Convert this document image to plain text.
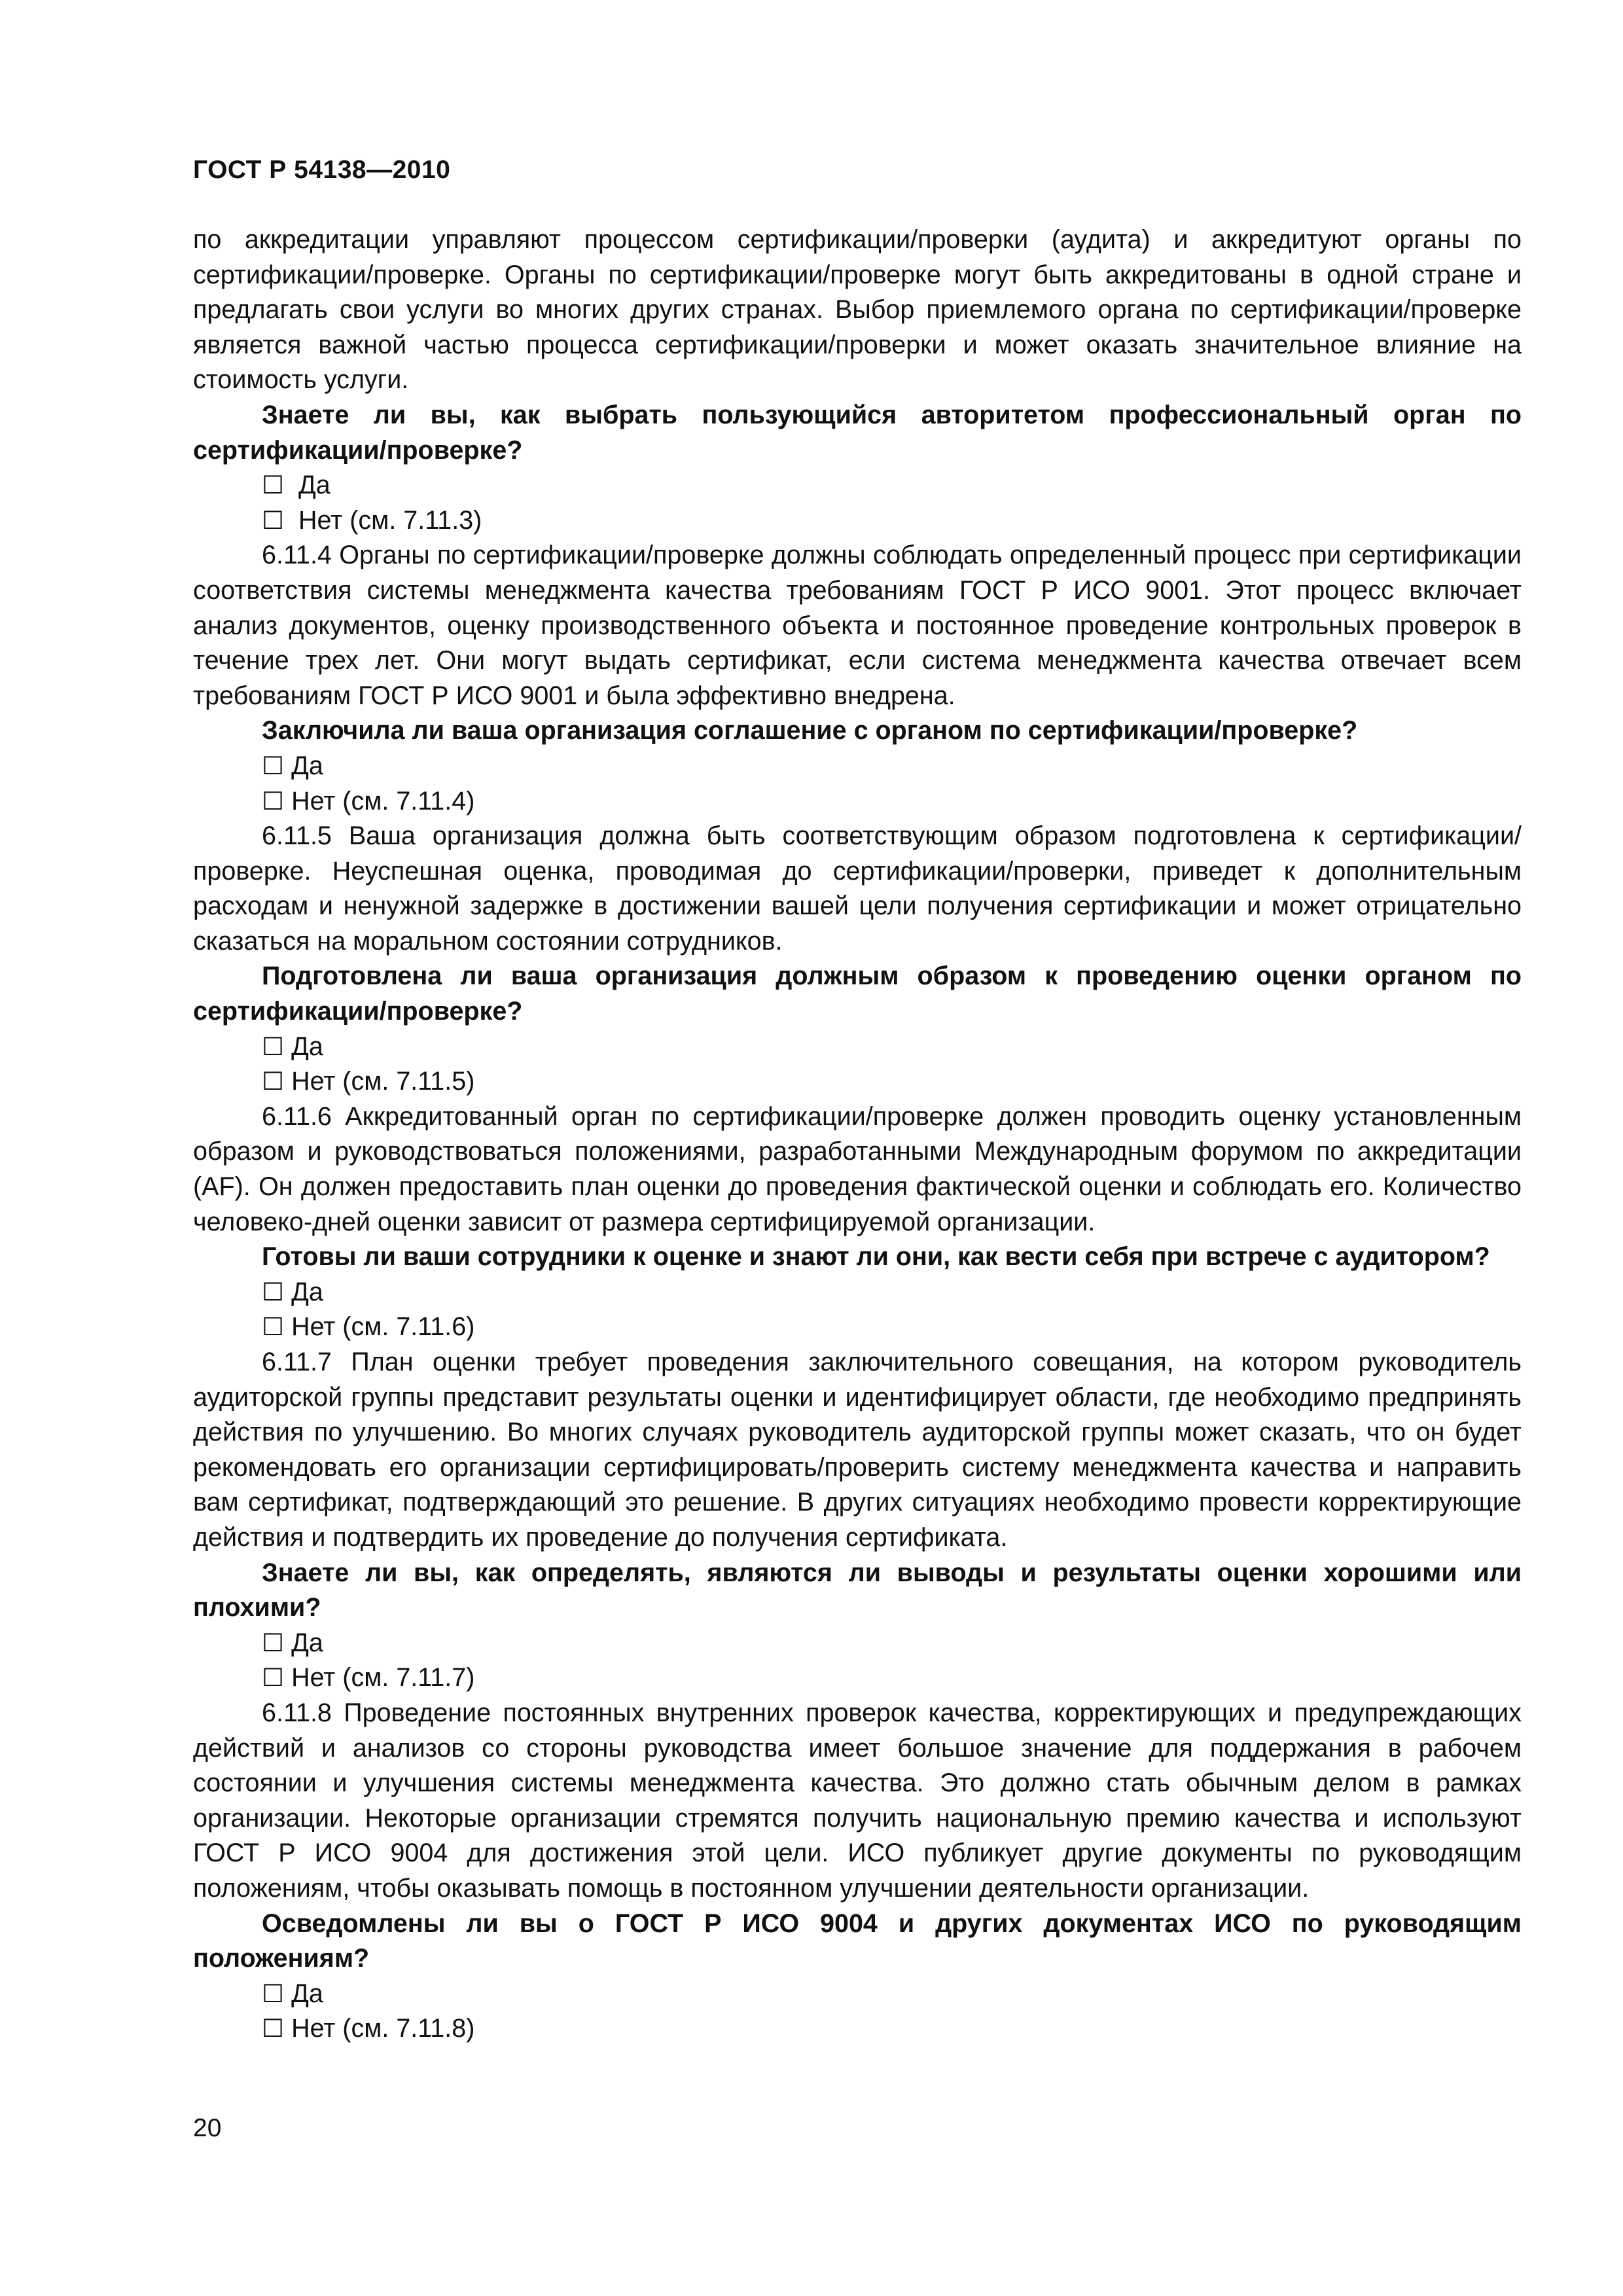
ГОСТ Р 54138—2010

по аккредитации управляют процессом сертификации/проверки (аудита) и аккредитуют органы по сертификации/проверке. Органы по сертификации/проверке могут быть аккредитованы в одной стране и предлагать свои услуги во многих других странах. Выбор приемлемого органа по сертификации/проверке является важной частью процесса сертификации/проверки и может оказать значительное влияние на стоимость услуги.

Знаете ли вы, как выбрать пользующийся авторитетом профессиональный орган по сертификации/проверке?

☐ Да

☐ Нет (см. 7.11.3)

6.11.4 Органы по сертификации/проверке должны соблюдать определенный процесс при сертификации соответствия системы менеджмента качества требованиям ГОСТ Р ИСО 9001. Этот процесс включает анализ документов, оценку производственного объекта и постоянное проведение контрольных проверок в течение трех лет. Они могут выдать сертификат, если система менеджмента качества отвечает всем требованиям ГОСТ Р ИСО 9001 и была эффективно внедрена.

Заключила ли ваша организация соглашение с органом по сертификации/проверке?

☐ Да

☐ Нет (см. 7.11.4)

6.11.5 Ваша организация должна быть соответствующим образом подготовлена к сертификации/проверке. Неуспешная оценка, проводимая до сертификации/проверки, приведет к дополнительным расходам и ненужной задержке в достижении вашей цели получения сертификации и может отрицательно сказаться на моральном состоянии сотрудников.

Подготовлена ли ваша организация должным образом к проведению оценки органом по сертификации/проверке?

☐ Да

☐ Нет (см. 7.11.5)

6.11.6 Аккредитованный орган по сертификации/проверке должен проводить оценку установленным образом и руководствоваться положениями, разработанными Международным форумом по аккредитации (AF). Он должен предоставить план оценки до проведения фактической оценки и соблюдать его. Количество человеко-дней оценки зависит от размера сертифицируемой организации.

Готовы ли ваши сотрудники к оценке и знают ли они, как вести себя при встрече с аудитором?

☐ Да

☐ Нет (см. 7.11.6)

6.11.7 План оценки требует проведения заключительного совещания, на котором руководитель аудиторской группы представит результаты оценки и идентифицирует области, где необходимо предпринять действия по улучшению. Во многих случаях руководитель аудиторской группы может сказать, что он будет рекомендовать его организации сертифицировать/проверить систему менеджмента качества и направить вам сертификат, подтверждающий это решение. В других ситуациях необходимо провести корректирующие действия и подтвердить их проведение до получения сертификата.

Знаете ли вы, как определять, являются ли выводы и результаты оценки хорошими или плохими?

☐ Да

☐ Нет (см. 7.11.7)

6.11.8 Проведение постоянных внутренних проверок качества, корректирующих и предупреждающих действий и анализов со стороны руководства имеет большое значение для поддержания в рабочем состоянии и улучшения системы менеджмента качества. Это должно стать обычным делом в рамках организации. Некоторые организации стремятся получить национальную премию качества и используют ГОСТ Р ИСО 9004 для достижения этой цели. ИСО публикует другие документы по руководящим положениям, чтобы оказывать помощь в постоянном улучшении деятельности организации.

Осведомлены ли вы о ГОСТ Р ИСО 9004 и других документах ИСО по руководящим положениям?

☐ Да

☐ Нет (см. 7.11.8)

20
